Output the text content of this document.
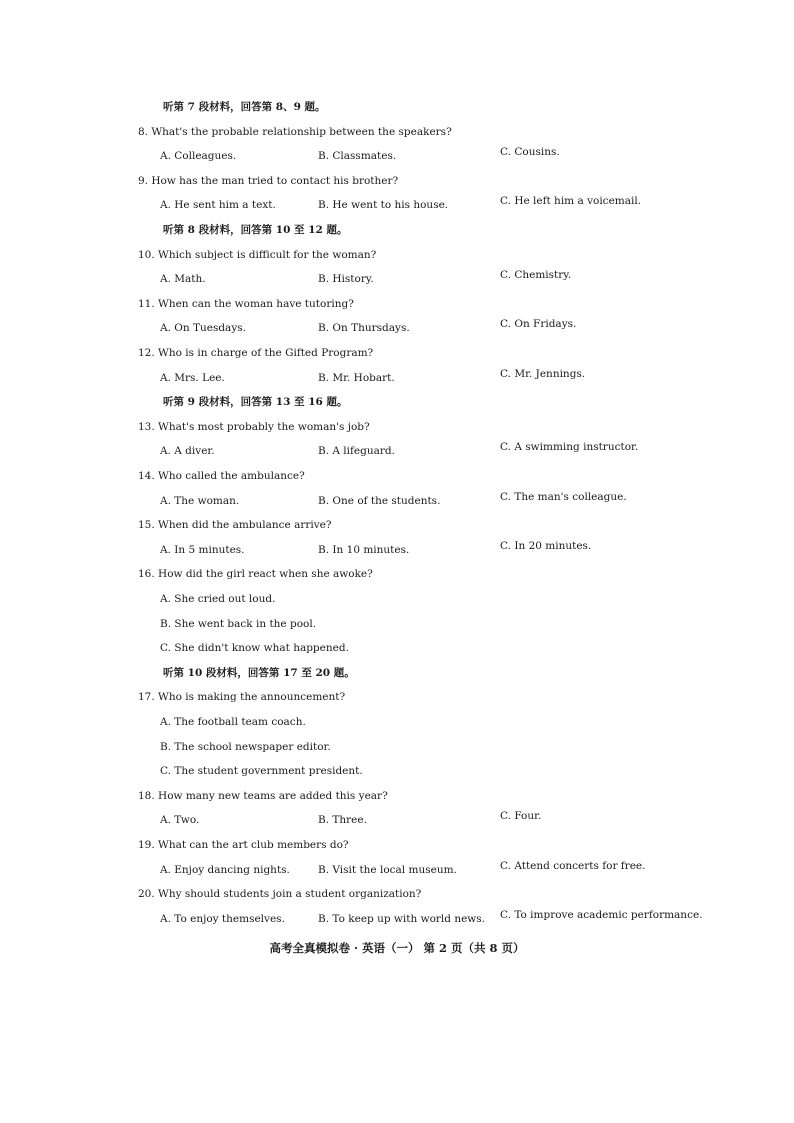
听第 7 段材料，回答第 8、9 题。
8. What's the probable relationship between the speakers?
A. Colleagues.	B. Classmates.	C. Cousins.
9. How has the man tried to contact his brother?
A. He sent him a text.	B. He went to his house.	C. He left him a voicemail.
听第 8 段材料，回答第 10 至 12 题。
10. Which subject is difficult for the woman?
A. Math.	B. History.	C. Chemistry.
11. When can the woman have tutoring?
A. On Tuesdays.	B. On Thursdays.	C. On Fridays.
12. Who is in charge of the Gifted Program?
A. Mrs. Lee.	B. Mr. Hobart.	C. Mr. Jennings.
听第 9 段材料，回答第 13 至 16 题。
13. What's most probably the woman's job?
A. A diver.	B. A lifeguard.	C. A swimming instructor.
14. Who called the ambulance?
A. The woman.	B. One of the students.	C. The man's colleague.
15. When did the ambulance arrive?
A. In 5 minutes.	B. In 10 minutes.	C. In 20 minutes.
16. How did the girl react when she awoke?
A. She cried out loud.
B. She went back in the pool.
C. She didn't know what happened.
听第 10 段材料，回答第 17 至 20 题。
17. Who is making the announcement?
A. The football team coach.
B. The school newspaper editor.
C. The student government president.
18. How many new teams are added this year?
A. Two.	B. Three.	C. Four.
19. What can the art club members do?
A. Enjoy dancing nights.	B. Visit the local museum.	C. Attend concerts for free.
20. Why should students join a student organization?
A. To enjoy themselves.	B. To keep up with world news. C. To improve academic performance.
高考全真模拟卷 · 英语（一） 第 2 页（共 8 页）
